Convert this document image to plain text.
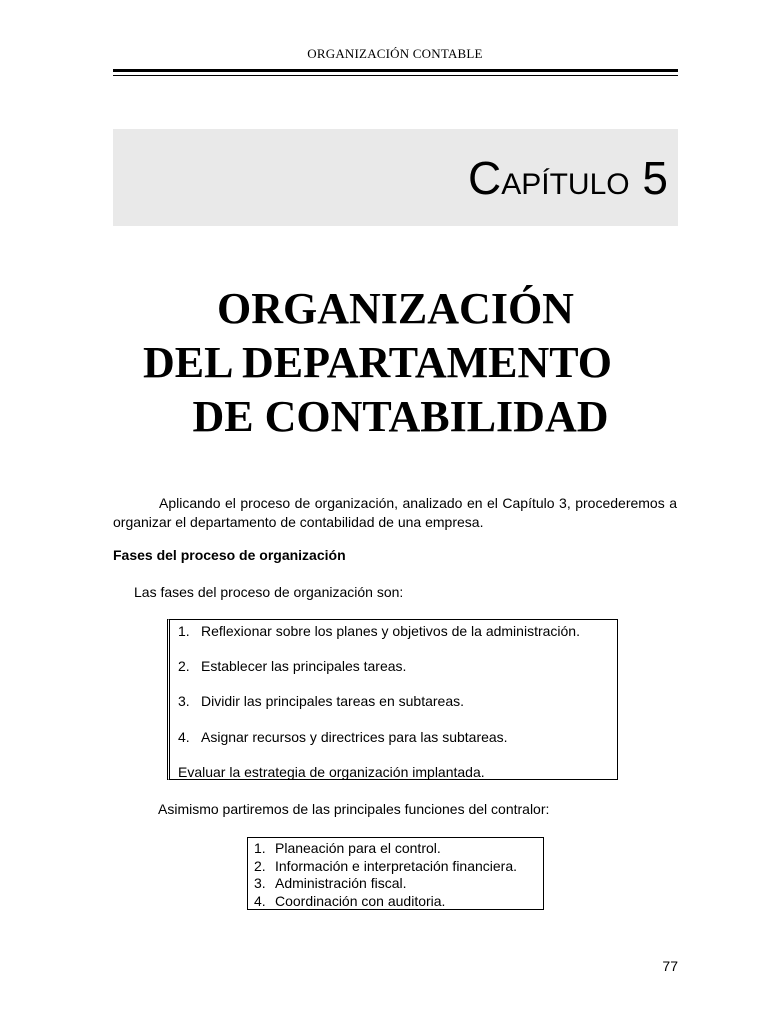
ORGANIZACIÓN CONTABLE
CAPÍTULO 5
ORGANIZACIÓN
DEL DEPARTAMENTO
DE CONTABILIDAD
Aplicando el proceso de organización, analizado en el Capítulo 3, procederemos a organizar el departamento de contabilidad de una empresa.
Fases del proceso de organización
Las fases del proceso de organización son:
1. Reflexionar sobre los planes y objetivos de la administración.
2. Establecer las principales tareas.
3. Dividir las principales tareas en subtareas.
4. Asignar recursos y directrices para las subtareas.
Evaluar la estrategia de organización implantada.
Asimismo partiremos de las principales funciones del contralor:
1. Planeación para el control.
2. Información e interpretación financiera.
3. Administración fiscal.
4. Coordinación con auditoria.
77
